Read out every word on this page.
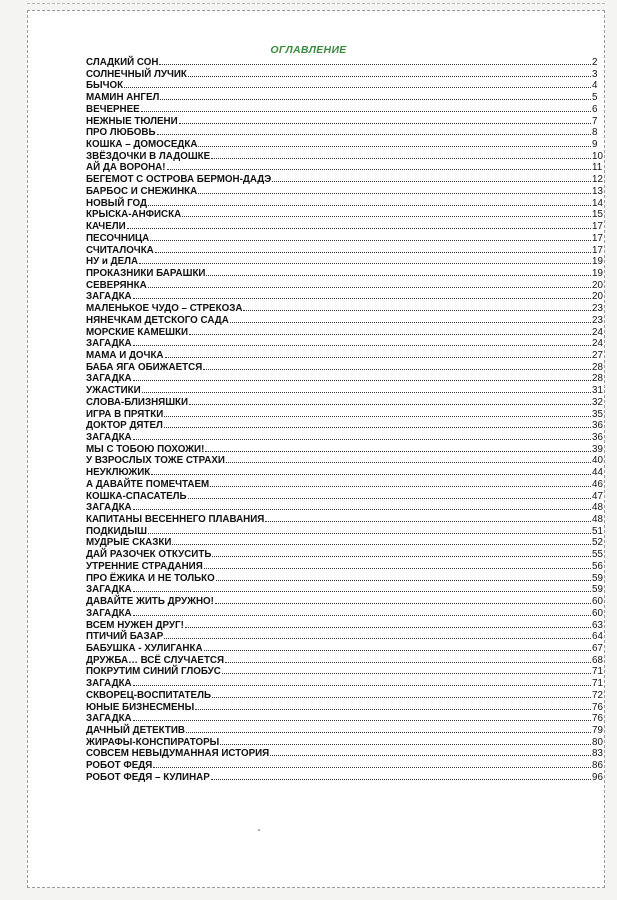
ОГЛАВЛЕНИЕ
СЛАДКИЙ СОН	2
СОЛНЕЧНЫЙ ЛУЧИК	3
БЫЧОК	4
МАМИН АНГЕЛ	5
ВЕЧЕРНЕЕ	6
НЕЖНЫЕ ТЮЛЕНИ	7
ПРО ЛЮБОВЬ	8
КОШКА – ДОМОСЕДКА	9
ЗВЁЗДОЧКИ В ЛАДОШКЕ	10
АЙ ДА ВОРОНА!	11
БЕГЕМОТ С ОСТРОВА БЕРМОН-ДАДЭ	12
БАРБОС И СНЕЖИНКА	13
НОВЫЙ ГОД	14
КРЫСКА-АНФИСКА	15
КАЧЕЛИ	17
ПЕСОЧНИЦА	17
СЧИТАЛОЧКА	17
НУ и ДЕЛА	19
ПРОКАЗНИКИ БАРАШКИ	19
СЕВЕРЯНКА	20
ЗАГАДКА	20
МАЛЕНЬКОЕ ЧУДО – СТРЕКОЗА	23
НЯНЕЧКАМ ДЕТСКОГО САДА	23
МОРСКИЕ КАМЕШКИ	24
ЗАГАДКА	24
МАМА И ДОЧКА	27
БАБА ЯГА ОБИЖАЕТСЯ	28
ЗАГАДКА	28
УЖАСТИКИ	31
СЛОВА-БЛИЗНЯШКИ	32
ИГРА В ПРЯТКИ	35
ДОКТОР ДЯТЕЛ	36
ЗАГАДКА	36
МЫ С ТОБОЮ ПОХОЖИ!	39
У ВЗРОСЛЫХ ТОЖЕ СТРАХИ	40
НЕУКЛЮЖИК	44
А ДАВАЙТЕ ПОМЕЧТАЕМ	46
КОШКА-СПАСАТЕЛЬ	47
ЗАГАДКА	48
КАПИТАНЫ ВЕСЕННЕГО ПЛАВАНИЯ	48
ПОДКИДЫШ	51
МУДРЫЕ СКАЗКИ	52
ДАЙ РАЗОЧЕК ОТКУСИТЬ	55
УТРЕННИЕ СТРАДАНИЯ	56
ПРО ЁЖИКА И НЕ ТОЛЬКО	59
ЗАГАДКА	59
ДАВАЙТЕ ЖИТЬ ДРУЖНО!	60
ЗАГАДКА	60
ВСЕМ НУЖЕН ДРУГ!	63
ПТИЧИЙ БАЗАР	64
БАБУШКА - ХУЛИГАНКА	67
ДРУЖБА… ВСЁ СЛУЧАЕТСЯ	68
ПОКРУТИМ СИНИЙ ГЛОБУС	71
ЗАГАДКА	71
СКВОРЕЦ-ВОСПИТАТЕЛЬ	72
ЮНЫЕ БИЗНЕСМЕНЫ	76
ЗАГАДКА	76
ДАЧНЫЙ ДЕТЕКТИВ	79
ЖИРАФЫ-КОНСПИРАТОРЫ	80
СОВСЕМ НЕВЫДУМАННАЯ ИСТОРИЯ	83
РОБОТ ФЕДЯ	86
РОБОТ ФЕДЯ – КУЛИНАР	96
